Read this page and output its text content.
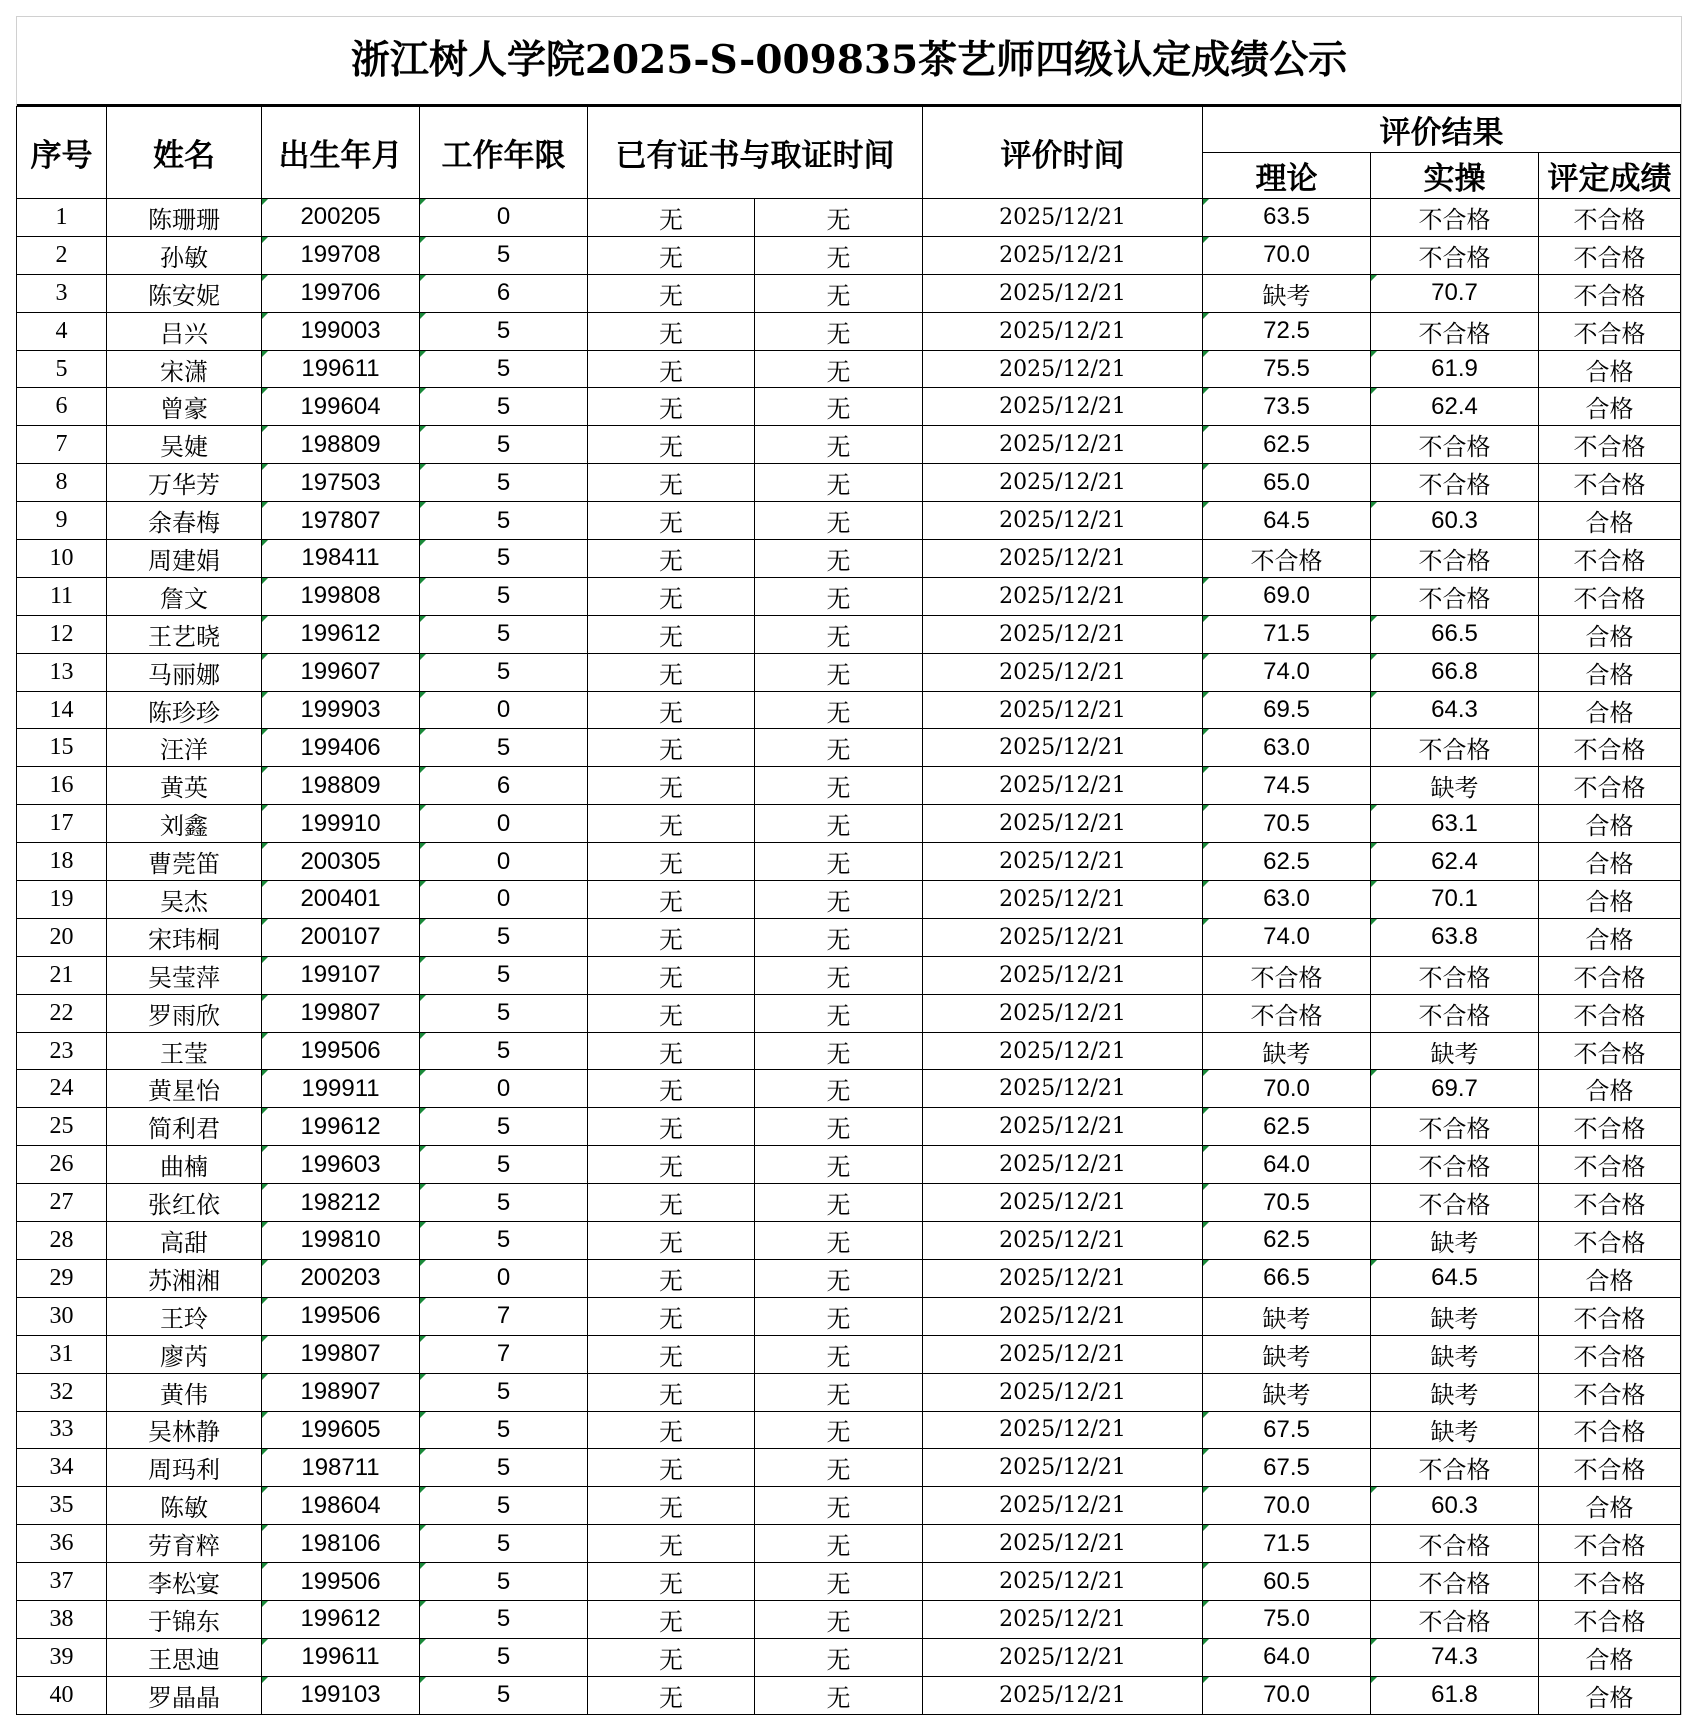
浙江树人学院2025-S-009835茶艺师四级认定成绩公示
序号	姓名	出生年月	工作年限	已有证书与取证时间		评价时间	评价结果		
							理论	实操	评定成绩
1	陈珊珊	200205	0	无	无	2025/12/21	63.5	不合格	不合格
2	孙敏	199708	5	无	无	2025/12/21	70.0	不合格	不合格
3	陈安妮	199706	6	无	无	2025/12/21	缺考	70.7	不合格
4	吕兴	199003	5	无	无	2025/12/21	72.5	不合格	不合格
5	宋潇	199611	5	无	无	2025/12/21	75.5	61.9	合格
6	曾豪	199604	5	无	无	2025/12/21	73.5	62.4	合格
7	吴婕	198809	5	无	无	2025/12/21	62.5	不合格	不合格
8	万华芳	197503	5	无	无	2025/12/21	65.0	不合格	不合格
9	余春梅	197807	5	无	无	2025/12/21	64.5	60.3	合格
10	周建娟	198411	5	无	无	2025/12/21	不合格	不合格	不合格
11	詹文	199808	5	无	无	2025/12/21	69.0	不合格	不合格
12	王艺晓	199612	5	无	无	2025/12/21	71.5	66.5	合格
13	马丽娜	199607	5	无	无	2025/12/21	74.0	66.8	合格
14	陈珍珍	199903	0	无	无	2025/12/21	69.5	64.3	合格
15	汪洋	199406	5	无	无	2025/12/21	63.0	不合格	不合格
16	黄英	198809	6	无	无	2025/12/21	74.5	缺考	不合格
17	刘鑫	199910	0	无	无	2025/12/21	70.5	63.1	合格
18	曹莞笛	200305	0	无	无	2025/12/21	62.5	62.4	合格
19	吴杰	200401	0	无	无	2025/12/21	63.0	70.1	合格
20	宋玮桐	200107	5	无	无	2025/12/21	74.0	63.8	合格
21	吴莹萍	199107	5	无	无	2025/12/21	不合格	不合格	不合格
22	罗雨欣	199807	5	无	无	2025/12/21	不合格	不合格	不合格
23	王莹	199506	5	无	无	2025/12/21	缺考	缺考	不合格
24	黄星怡	199911	0	无	无	2025/12/21	70.0	69.7	合格
25	简利君	199612	5	无	无	2025/12/21	62.5	不合格	不合格
26	曲楠	199603	5	无	无	2025/12/21	64.0	不合格	不合格
27	张红依	198212	5	无	无	2025/12/21	70.5	不合格	不合格
28	高甜	199810	5	无	无	2025/12/21	62.5	缺考	不合格
29	苏湘湘	200203	0	无	无	2025/12/21	66.5	64.5	合格
30	王玲	199506	7	无	无	2025/12/21	缺考	缺考	不合格
31	廖芮	199807	7	无	无	2025/12/21	缺考	缺考	不合格
32	黄伟	198907	5	无	无	2025/12/21	缺考	缺考	不合格
33	吴林静	199605	5	无	无	2025/12/21	67.5	缺考	不合格
34	周玛利	198711	5	无	无	2025/12/21	67.5	不合格	不合格
35	陈敏	198604	5	无	无	2025/12/21	70.0	60.3	合格
36	劳育粹	198106	5	无	无	2025/12/21	71.5	不合格	不合格
37	李松宴	199506	5	无	无	2025/12/21	60.5	不合格	不合格
38	于锦东	199612	5	无	无	2025/12/21	75.0	不合格	不合格
39	王思迪	199611	5	无	无	2025/12/21	64.0	74.3	合格
40	罗晶晶	199103	5	无	无	2025/12/21	70.0	61.8	合格
